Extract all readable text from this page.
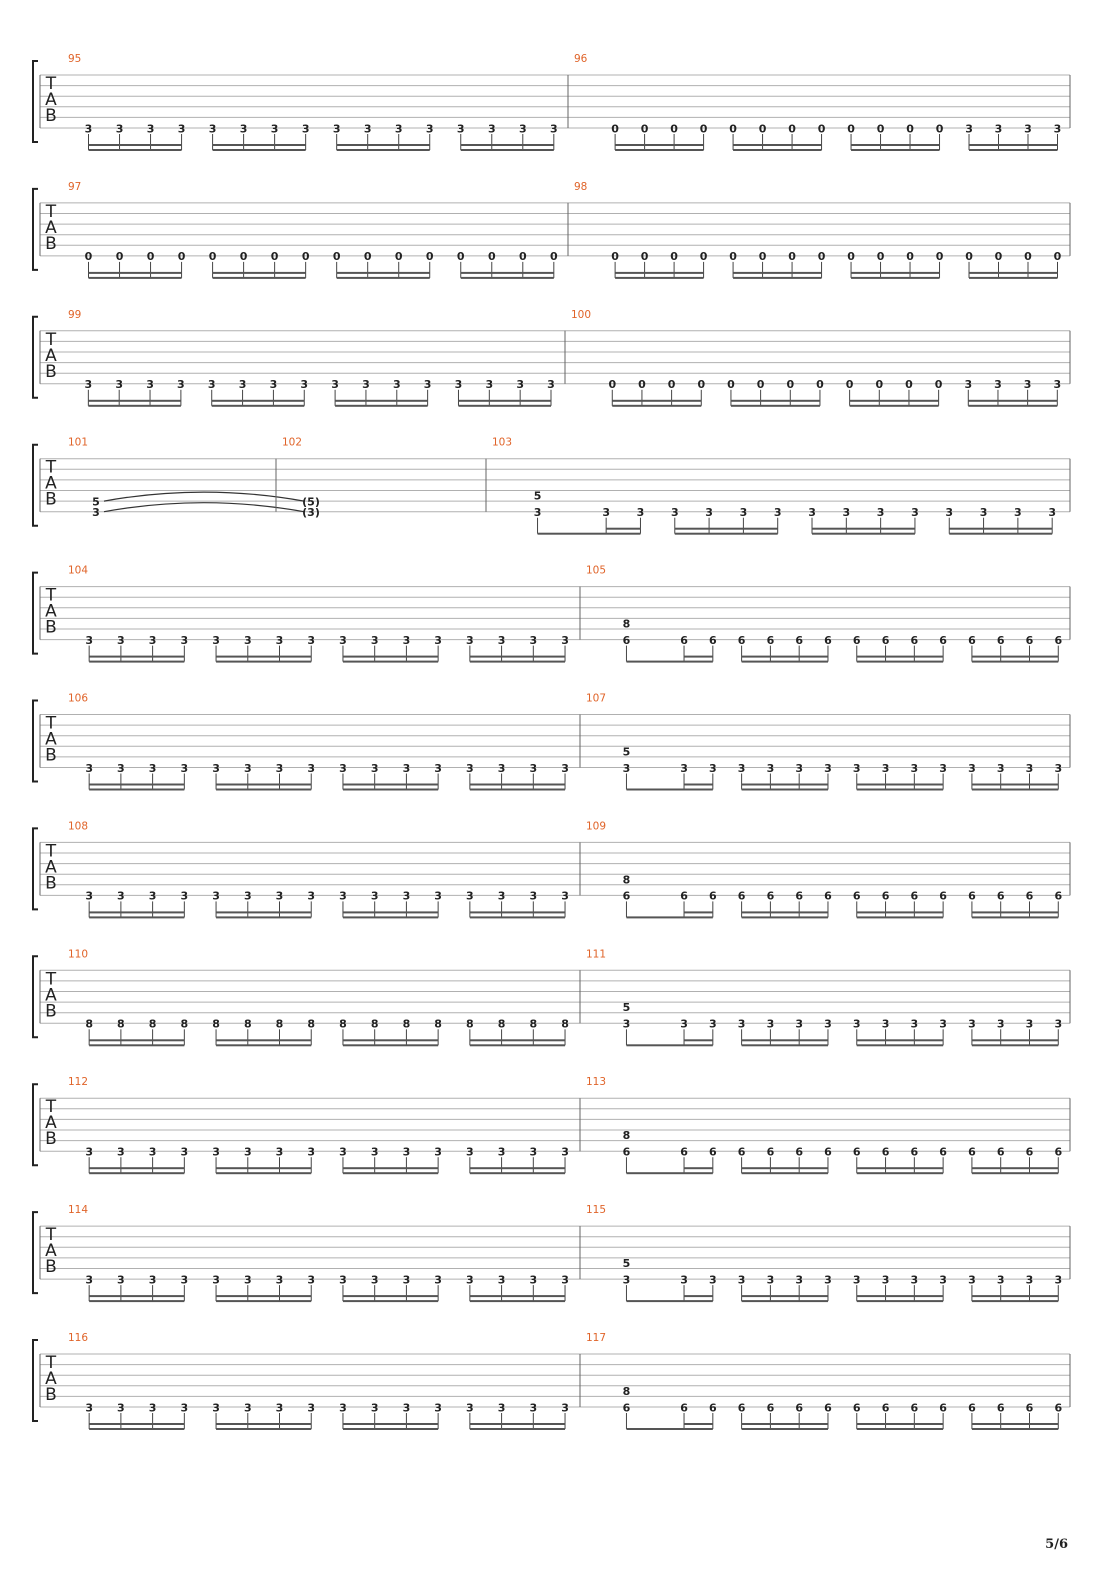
T
A
B
95
3 3 3 3 3 3 3 3 3 3 3 3 3 3 3 3
96
0 0 0 0 0 0 0 0 0 0 0 0 3 3 3 3
T
A
B
97
0 0 0 0 0 0 0 0 0 0 0 0 0 0 0 0
98
0 0 0 0 0 0 0 0 0 0 0 0 0 0 0 0
T
A
B
99
3 3 3 3 3 3 3 3 3 3 3 3 3 3 3 3
100
0 0 0 0 0 0 0 0 0 0 0 0 3 3 3 3
T
A
B
101
5
3
102
(5)
(3)
103
5
3	3 3 3 3 3 3 3 3 3 3 3 3 3 3
T
A
B
104
3 3 3 3 3 3 3 3 3 3 3 3 3 3 3 3
105
8
6	6 6 6 6 6 6 6 6 6 6 6 6 6 6
T
A
B
106
3 3 3 3 3 3 3 3 3 3 3 3 3 3 3 3
107
5
3	3 3 3 3 3 3 3 3 3 3 3 3 3 3
T
A
B
108
3 3 3 3 3 3 3 3 3 3 3 3 3 3 3 3
109
8
6	6 6 6 6 6 6 6 6 6 6 6 6 6 6
T
A
B
110
8 8 8 8 8 8 8 8 8 8 8 8 8 8 8 8
111
5
3	3 3 3 3 3 3 3 3 3 3 3 3 3 3
T
A
B
112
3 3 3 3 3 3 3 3 3 3 3 3 3 3 3 3
113
8
6	6 6 6 6 6 6 6 6 6 6 6 6 6 6
T
A
B
114
3 3 3 3 3 3 3 3 3 3 3 3 3 3 3 3
115
5
3	3 3 3 3 3 3 3 3 3 3 3 3 3 3
T
A
B
116
3 3 3 3 3 3 3 3 3 3 3 3 3 3 3 3
117
8
6	6 6 6 6 6 6 6 6 6 6 6 6 6 6
5/6
